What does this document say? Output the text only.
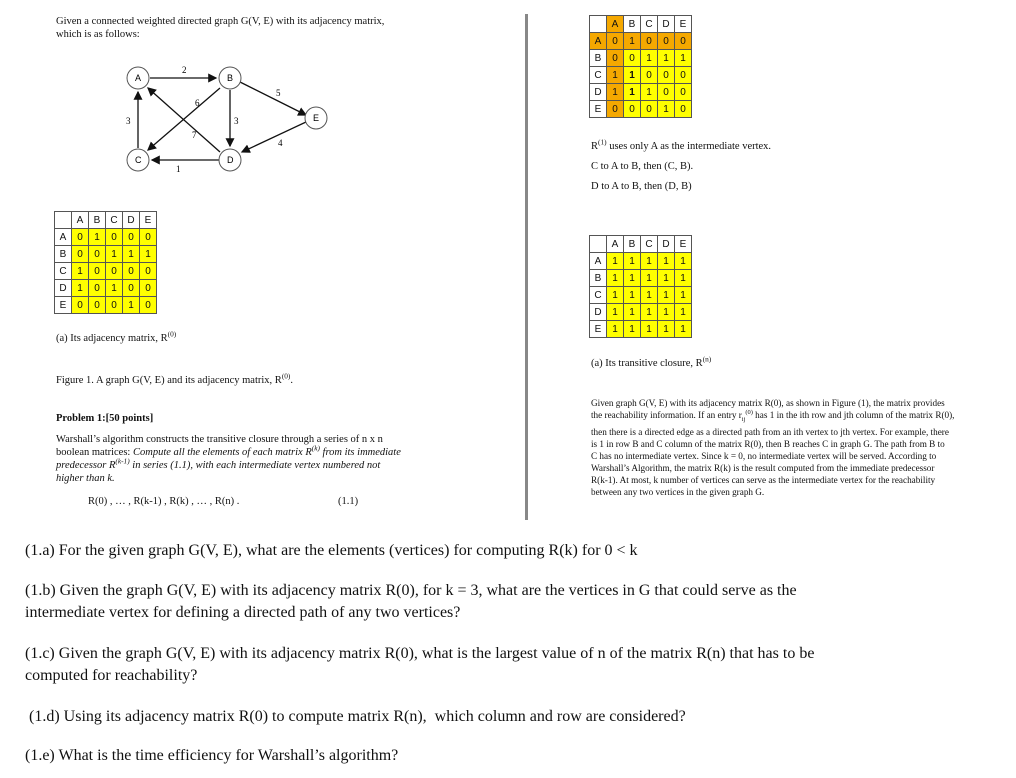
Given a connected weighted directed graph G(V, E) with its adjacency matrix,
which is as follows:
A	B
C	D
E
2
6
3	3
5
7
4
1
	A	B	C	D	E
A	0	1	0	0	0
B	0	0	1	1	1
C	1	0	0	0	0
D	1	0	1	0	0
E	0	0	0	1	0
(a) Its adjacency matrix, $R^{(0)}$
Figure 1. A graph G(V, E) and its adjacency matrix, $R^{(0)}$.
Problem 1:[50 points]
Warshall’s algorithm constructs the transitive closure through a series of n x n
boolean matrices: Compute all the elements of each matrix $R^{(k)}$ from its immediate
predecessor $R^{(k-1)}$ in series (1.1), with each intermediate vertex numbered not
higher than k.
R(0) , … , R(k-1) , R(k) , … , R(n) .	(1.1)
	A	B	C	D	E
A	0	1	0	0	0
B	0	0	1	1	1
C	1	1	0	0	0
D	1	1	1	0	0
E	0	0	0	1	0
$R^{(1)}$ uses only A as the intermediate vertex.
C to A to B, then (C, B).
D to A to B, then (D, B)
	A	B	C	D	E
A	1	1	1	1	1
B	1	1	1	1	1
C	1	1	1	1	1
D	1	1	1	1	1
E	1	1	1	1	1
(a) Its transitive closure, $R^{(n)}$
Given graph G(V, E) with its adjacency matrix R(0), as shown in Figure (1), the matrix provides
the reachability information. If an entry $r_{ij}^{(0)}$ has 1 in the ith row and jth column of the matrix R(0),
then there is a directed edge as a directed path from an ith vertex to jth vertex. For example, there
is 1 in row B and C column of the matrix R(0), then B reaches C in graph G. The path from B to
C has no intermediate vertex. Since k = 0, no intermediate vertex will be served. According to
Warshall’s Algorithm, the matrix R(k) is the result computed from the immediate predecessor
R(k-1). At most, k number of vertices can serve as the intermediate vertex for the reachability
between any two vertices in the given graph G.
(1.a) For the given graph G(V, E), what are the elements (vertices) for computing R(k) for 0 < k
(1.b) Given the graph G(V, E) with its adjacency matrix R(0), for k = 3, what are the vertices in G that could serve as the
intermediate vertex for defining a directed path of any two vertices?
(1.c) Given the graph G(V, E) with its adjacency matrix R(0), what is the largest value of n of the matrix R(n) that has to be
computed for reachability?
(1.d) Using its adjacency matrix R(0) to compute matrix R(n),  which column and row are considered?
(1.e) What is the time efficiency for Warshall’s algorithm?
